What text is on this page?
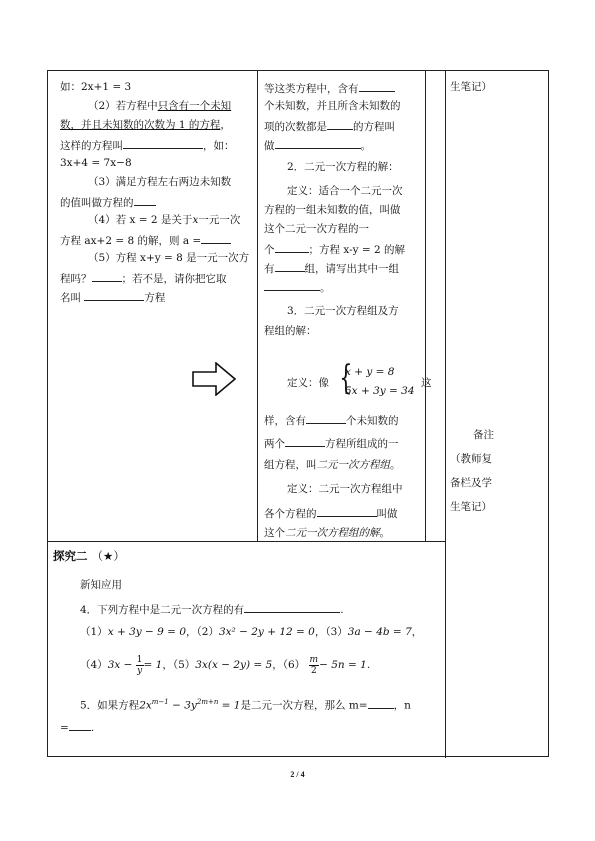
如：2x+1 = 3
（2）若方程中只含有一个未知
数，并且未知数的次数为 1 的方程，
这样的方程叫	，如：
3x+4 = 7x−8
（3）满足方程左右两边未知数
的值叫做方程的
（4）若 x = 2 是关于x一元一次
方程 ax+2 = 8 的解，则 a =
（5）方程 x+y = 8 是一元一次方
程吗？	；若不是，请你把它取
名叫	方程
等这类方程中，含有
个未知数，并且所含未知数的
项的次数都是 的方程叫
做	。
2．二元一次方程的解：
定义：适合一个二元一次
方程的一组未知数的值，叫做
这个二元一次方程的一
个	；方程 x-y = 2 的解
有	组，请写出其中一组
。
3．二元一次方程组及方
程组的解：
定义：像 {
x + y = 8
5x + 3y = 34
这
样，含有	个未知数的
两个	方程所组成的一
组方程，叫二元一次方程组。
定义：二元一次方程组中
各个方程的	叫做
这个二元一次方程组的解。
生笔记）
备注
（教师复
备栏及学
生笔记）
探究二 （★）
新知应用
4．下列方程中是二元一次方程的有	.
（1）x + 3y − 9 = 0，（2）3x² − 2y + 12 = 0，（3）3a − 4b = 7，
$(4)3x - \frac{1}{y} = 1$，（5）3x(x − 2y) = 5，$(6) \frac{m}{2} - 5n = 1$.
5．如果方程$2x^{m-1} - 3y^{2m+n} = 1$是二元一次方程，那么 m= ，n
= .
2 / 4
